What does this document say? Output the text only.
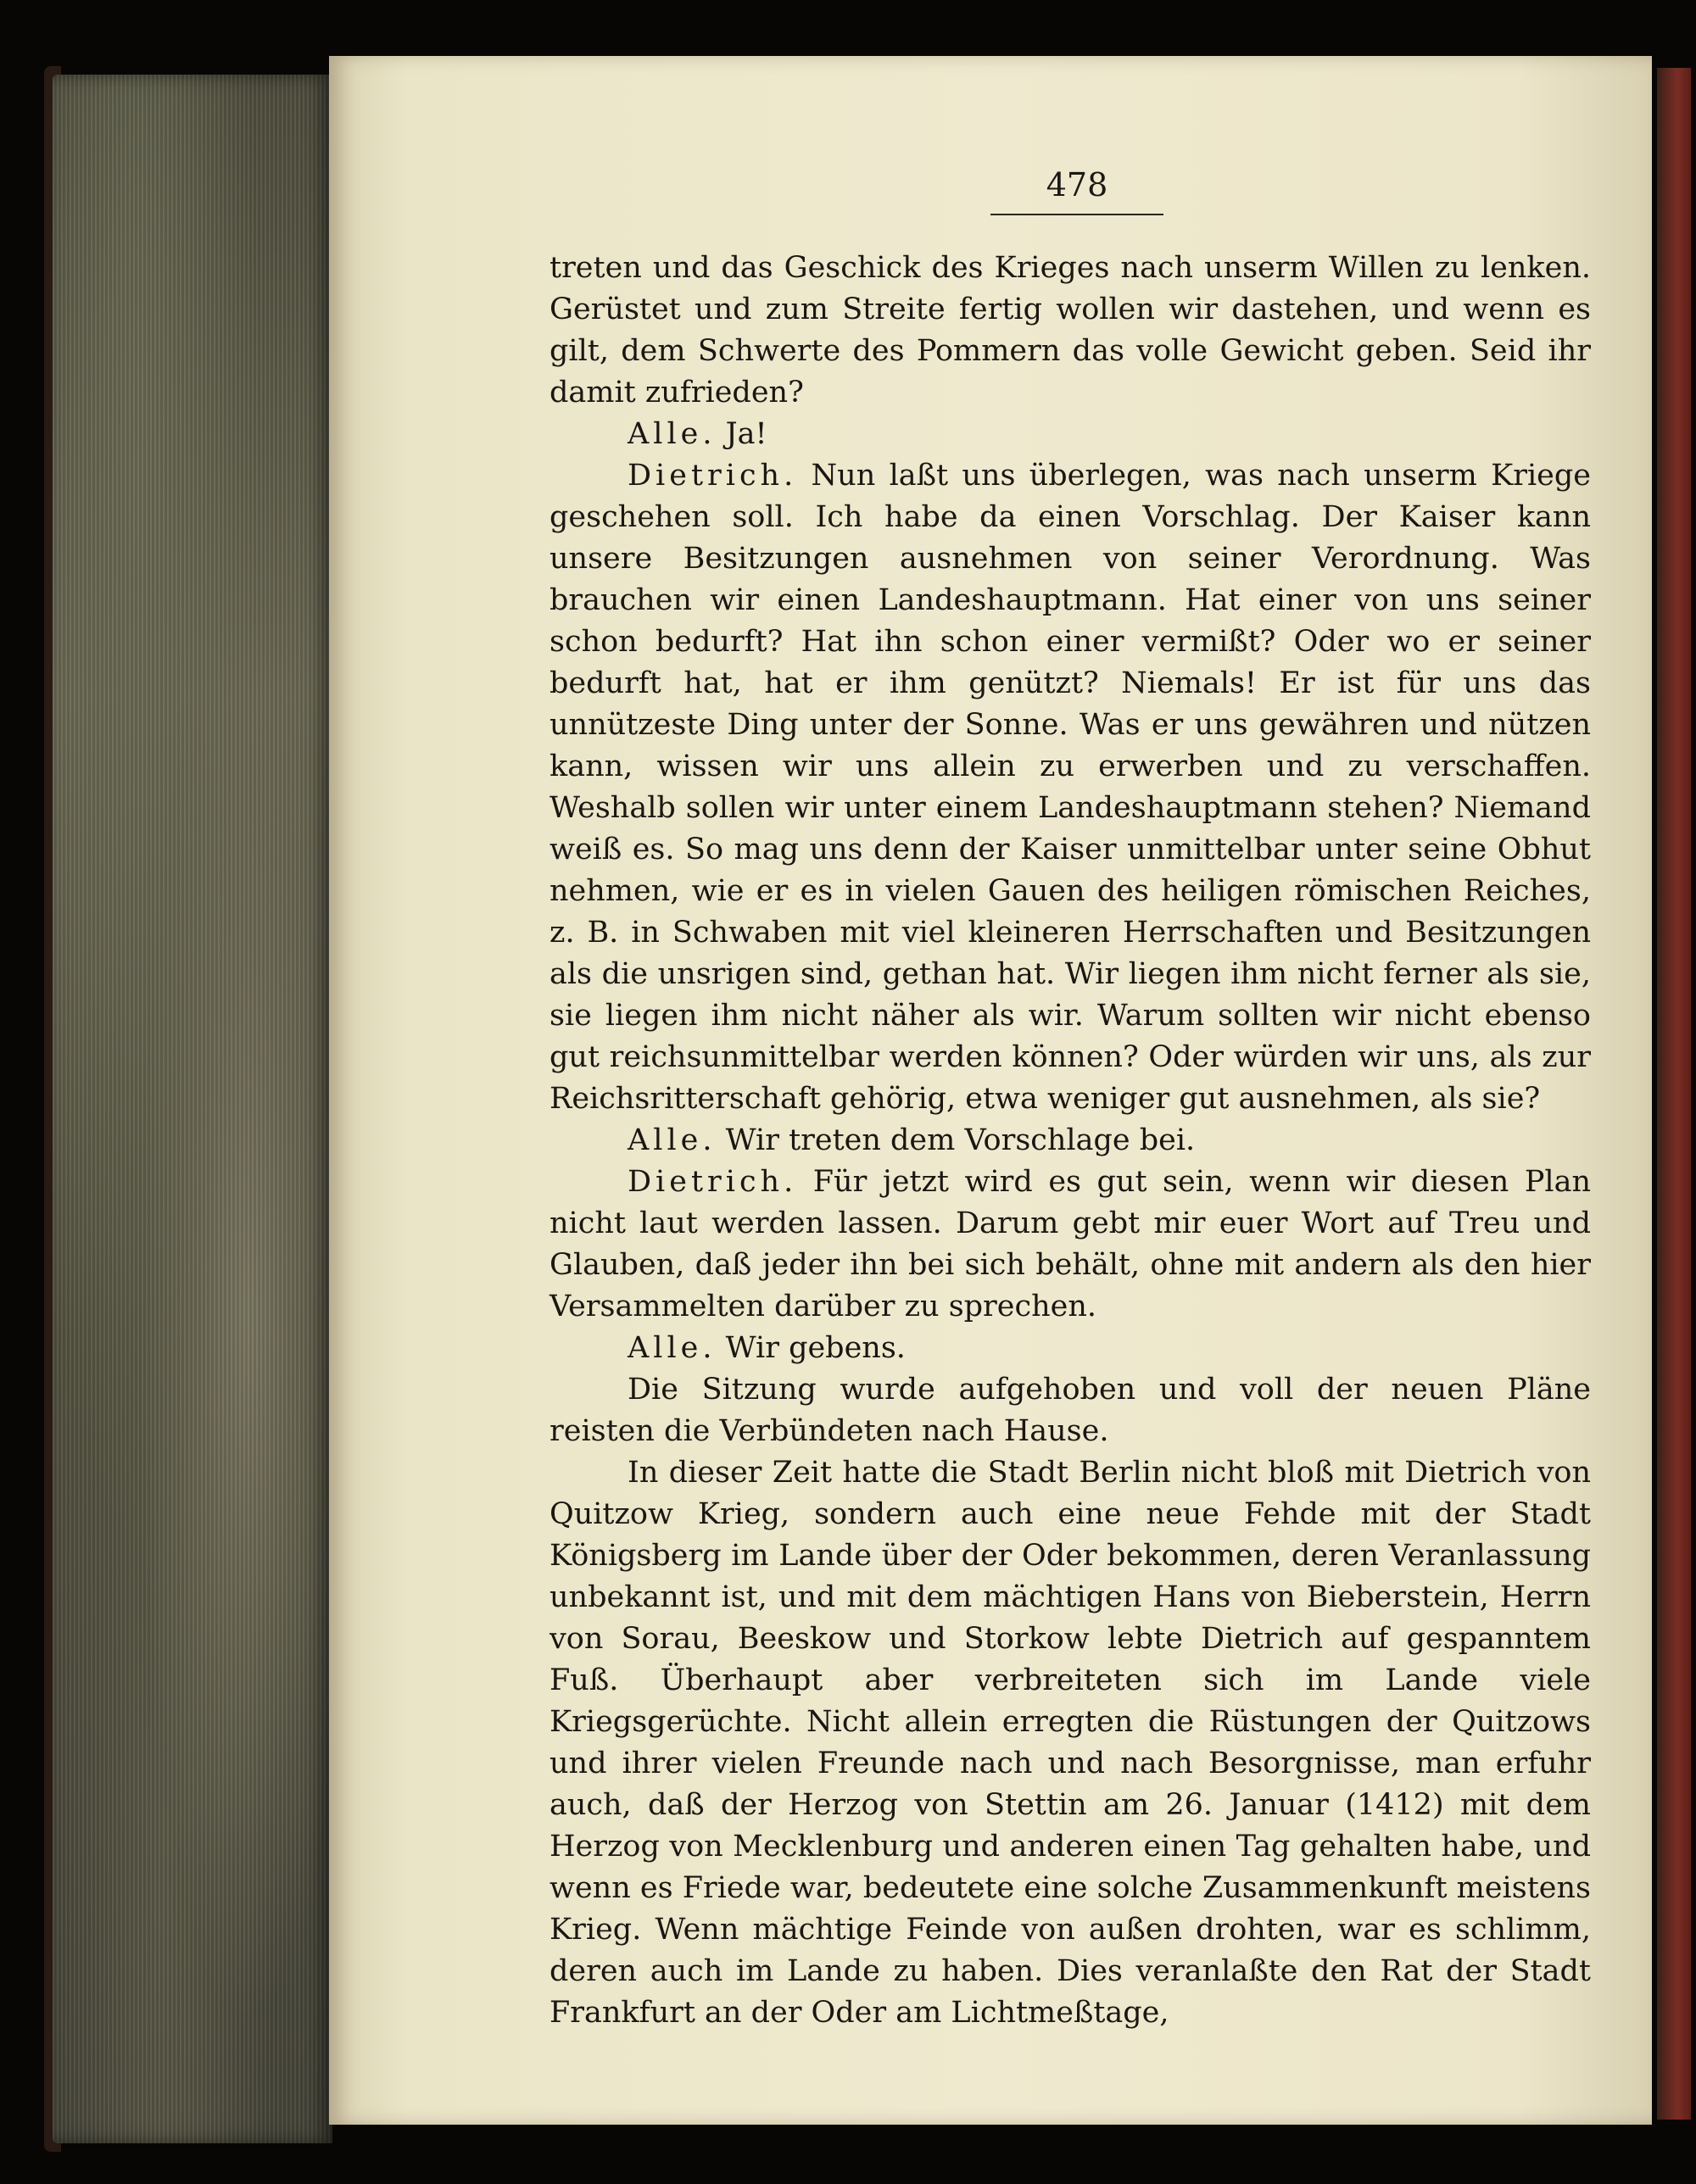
478

treten und das Geschick des Krieges nach unserm Willen zu lenken. Gerüstet und zum Streite fertig wollen wir dastehen, und wenn es gilt, dem Schwerte des Pommern das volle Gewicht geben. Seid ihr damit zufrieden?

Alle. Ja!

Dietrich. Nun laßt uns überlegen, was nach unserm Kriege geschehen soll. Ich habe da einen Vorschlag. Der Kaiser kann unsere Besitzungen ausnehmen von seiner Verordnung. Was brauchen wir einen Landeshauptmann. Hat einer von uns seiner schon bedurft? Hat ihn schon einer vermißt? Oder wo er seiner bedurft hat, hat er ihm genützt? Niemals! Er ist für uns das unnützeste Ding unter der Sonne. Was er uns gewähren und nützen kann, wissen wir uns allein zu erwerben und zu verschaffen. Weshalb sollen wir unter einem Landeshauptmann stehen? Niemand weiß es. So mag uns denn der Kaiser unmittelbar unter seine Obhut nehmen, wie er es in vielen Gauen des heiligen römischen Reiches, z. B. in Schwaben mit viel kleineren Herrschaften und Besitzungen als die unsrigen sind, gethan hat. Wir liegen ihm nicht ferner als sie, sie liegen ihm nicht näher als wir. Warum sollten wir nicht ebenso gut reichsunmittelbar werden können? Oder würden wir uns, als zur Reichsritterschaft gehörig, etwa weniger gut ausnehmen, als sie?

Alle. Wir treten dem Vorschlage bei.

Dietrich. Für jetzt wird es gut sein, wenn wir diesen Plan nicht laut werden lassen. Darum gebt mir euer Wort auf Treu und Glauben, daß jeder ihn bei sich behält, ohne mit andern als den hier Versammelten darüber zu sprechen.

Alle. Wir gebens.

Die Sitzung wurde aufgehoben und voll der neuen Pläne reisten die Verbündeten nach Hause.

In dieser Zeit hatte die Stadt Berlin nicht bloß mit Dietrich von Quitzow Krieg, sondern auch eine neue Fehde mit der Stadt Königsberg im Lande über der Oder bekommen, deren Veranlassung unbekannt ist, und mit dem mächtigen Hans von Bieberstein, Herrn von Sorau, Beeskow und Storkow lebte Dietrich auf gespanntem Fuß. Überhaupt aber verbreiteten sich im Lande viele Kriegsgerüchte. Nicht allein erregten die Rüstungen der Quitzows und ihrer vielen Freunde nach und nach Besorgnisse, man erfuhr auch, daß der Herzog von Stettin am 26. Januar (1412) mit dem Herzog von Mecklenburg und anderen einen Tag gehalten habe, und wenn es Friede war, bedeutete eine solche Zusammenkunft meistens Krieg. Wenn mächtige Feinde von außen drohten, war es schlimm, deren auch im Lande zu haben. Dies veranlaßte den Rat der Stadt Frankfurt an der Oder am Lichtmeßtage,
